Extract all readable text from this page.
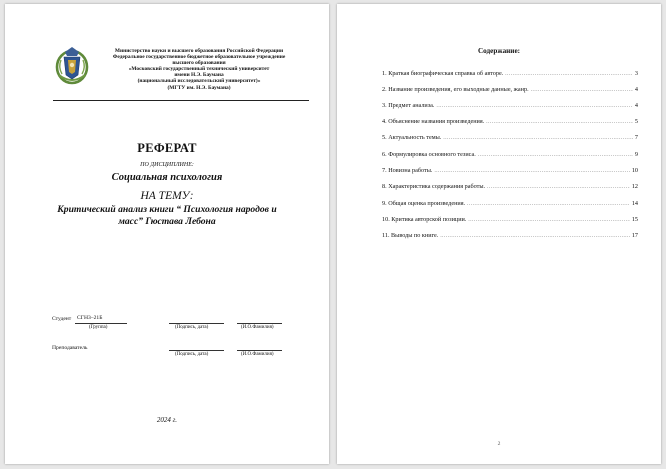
Министерство науки и высшего образования Российской Федерации
Федеральное государственное бюджетное образовательное учреждение
высшего образования
«Московский государственный технический университет
имени Н.Э. Баумана
(национальный исследовательский университет)»
(МГТУ им. Н.Э. Баумана)
РЕФЕРАТ
ПО ДИСЦИПЛИНЕ:
Социальная психология
НА ТЕМУ:
Критический анализ книги “ Психология народов и масс” Гюстава Лебона
Студент СГН3–21Б
(Группа)	(Подпись, дата)	(И.О.Фамилия)
Преподаватель
(Подпись, дата)	(И.О.Фамилия)
2024 г.
Содержание:
1. Краткая биографическая справка об авторе. .....	3
2. Название произведения, его выходные данные, жанр. .....	4
3. Предмет анализа. .....	4
4. Объяснение названия произведения. .....	5
5. Актуальность темы. .....	7
6. Формулировка основного тезиса. .....	9
7. Новизна работы. .....	10
8. Характеристика содержания работы. .....	12
9. Общая оценка произведения. .....	14
10. Критика авторской позиции. .....	15
11. Выводы по книге. .....	17
2
